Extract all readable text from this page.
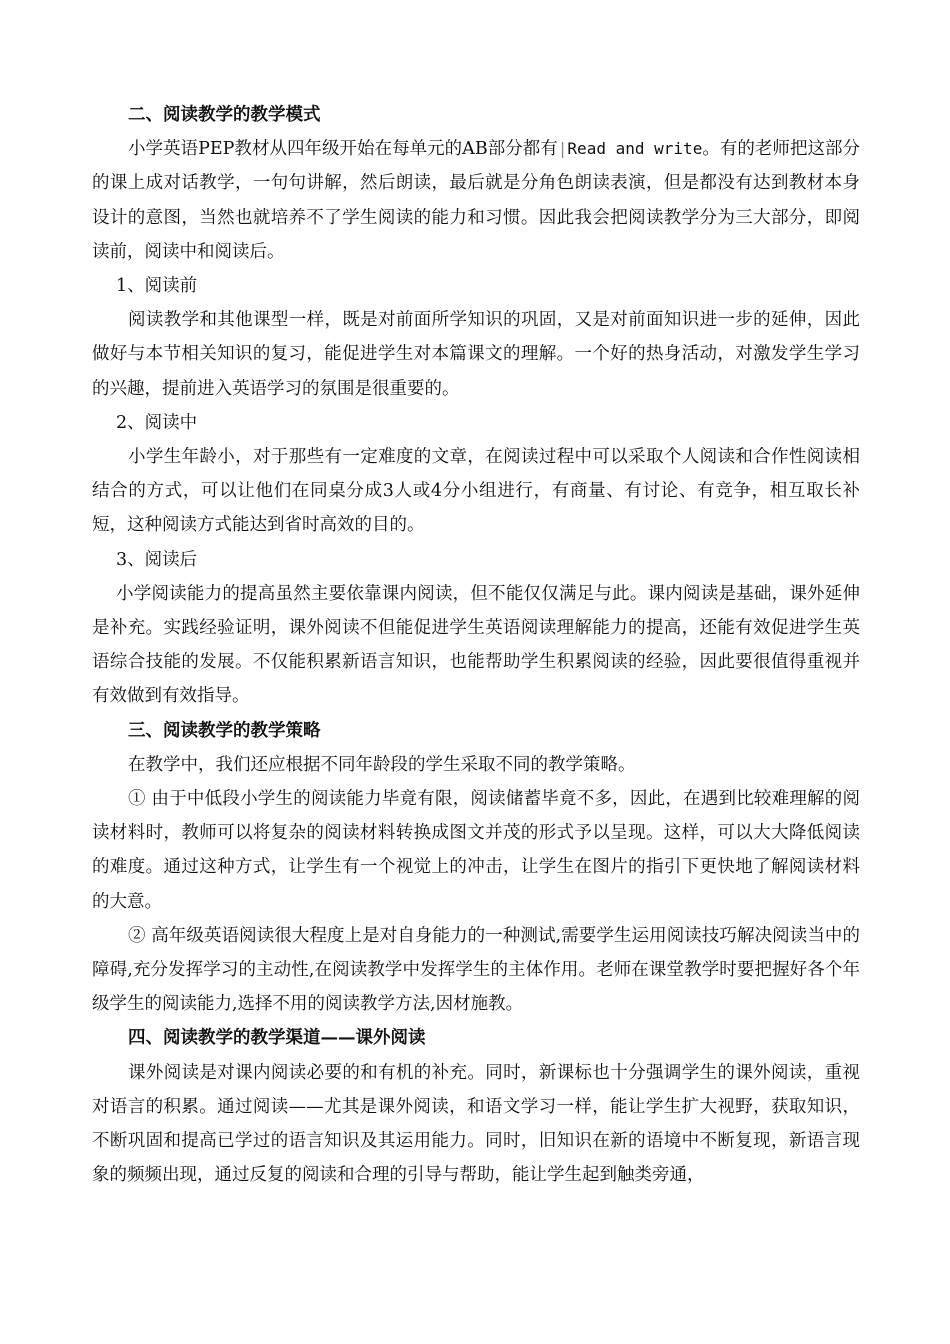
二、阅读教学的教学模式

小学英语PEP教材从四年级开始在每单元的AB部分都有|Read and write。有的老师把这部分的课上成对话教学，一句句讲解，然后朗读，最后就是分角色朗读表演，但是都没有达到教材本身设计的意图，当然也就培养不了学生阅读的能力和习惯。因此我会把阅读教学分为三大部分，即阅读前，阅读中和阅读后。

1、阅读前

阅读教学和其他课型一样，既是对前面所学知识的巩固，又是对前面知识进一步的延伸，因此做好与本节相关知识的复习，能促进学生对本篇课文的理解。一个好的热身活动，对激发学生学习的兴趣，提前进入英语学习的氛围是很重要的。

2、阅读中

小学生年龄小，对于那些有一定难度的文章，在阅读过程中可以采取个人阅读和合作性阅读相结合的方式，可以让他们在同桌分成3人或4分小组进行，有商量、有讨论、有竞争，相互取长补短，这种阅读方式能达到省时高效的目的。

3、阅读后

小学阅读能力的提高虽然主要依靠课内阅读，但不能仅仅满足与此。课内阅读是基础，课外延伸是补充。实践经验证明，课外阅读不但能促进学生英语阅读理解能力的提高，还能有效促进学生英语综合技能的发展。不仅能积累新语言知识，也能帮助学生积累阅读的经验，因此要很值得重视并有效做到有效指导。

三、阅读教学的教学策略

在教学中，我们还应根据不同年龄段的学生采取不同的教学策略。

① 由于中低段小学生的阅读能力毕竟有限，阅读储蓄毕竟不多，因此，在遇到比较难理解的阅读材料时，教师可以将复杂的阅读材料转换成图文并茂的形式予以呈现。这样，可以大大降低阅读的难度。通过这种方式，让学生有一个视觉上的冲击，让学生在图片的指引下更快地了解阅读材料的大意。

② 高年级英语阅读很大程度上是对自身能力的一种测试,需要学生运用阅读技巧解决阅读当中的障碍,充分发挥学习的主动性,在阅读教学中发挥学生的主体作用。老师在课堂教学时要把握好各个年级学生的阅读能力,选择不用的阅读教学方法,因材施教。

四、阅读教学的教学渠道——课外阅读

课外阅读是对课内阅读必要的和有机的补充。同时，新课标也十分强调学生的课外阅读，重视对语言的积累。通过阅读——尤其是课外阅读，和语文学习一样，能让学生扩大视野，获取知识，不断巩固和提高已学过的语言知识及其运用能力。同时，旧知识在新的语境中不断复现，新语言现象的频频出现，通过反复的阅读和合理的引导与帮助，能让学生起到触类旁通，
